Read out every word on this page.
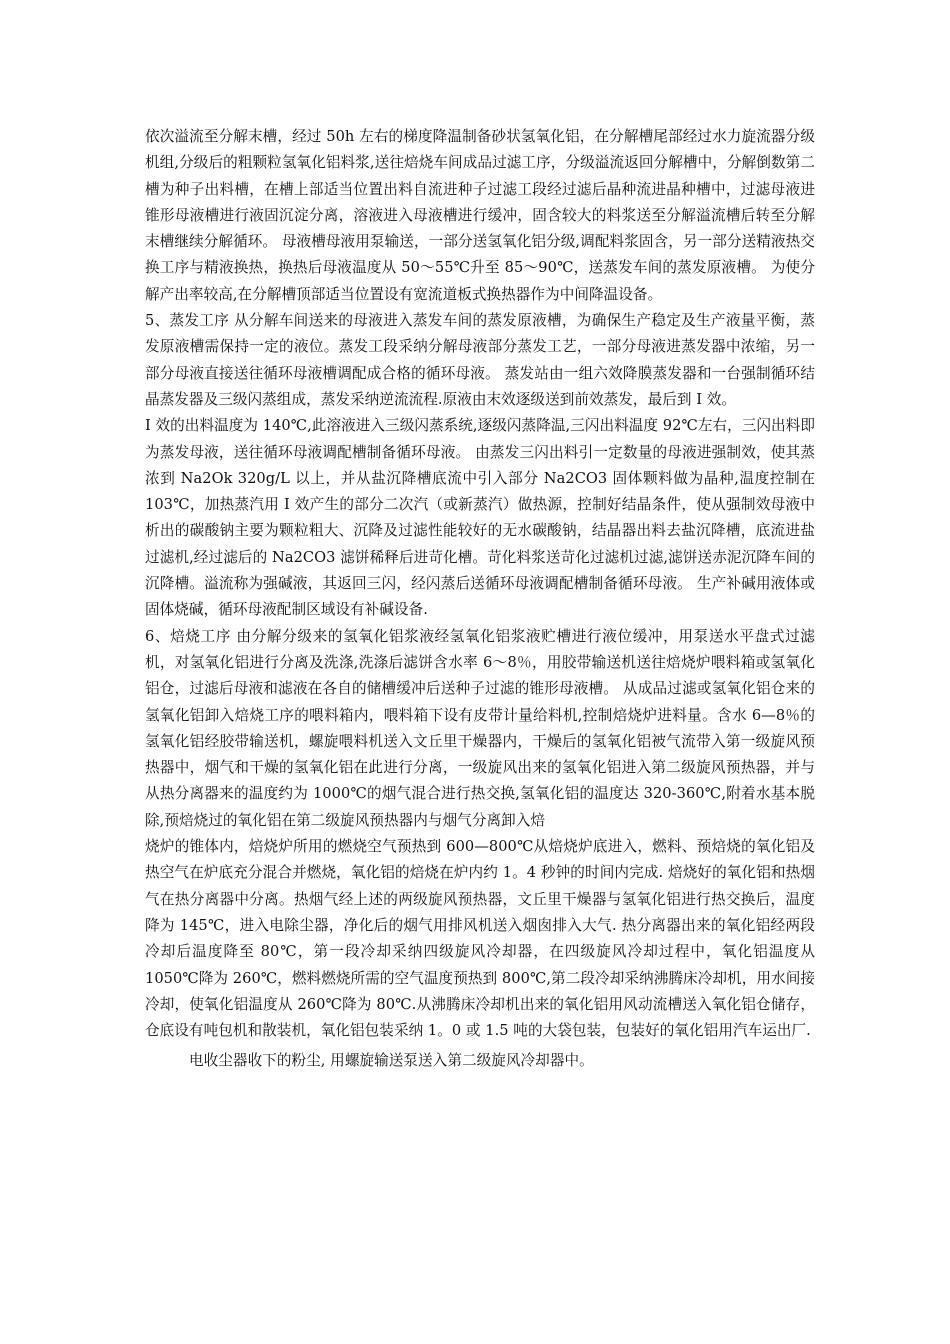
依次溢流至分解末槽，经过 50h 左右的梯度降温制备砂状氢氧化铝，在分解槽尾部经过水力旋流器分级机组,分级后的粗颗粒氢氧化铝料浆,送往焙烧车间成品过滤工序，分级溢流返回分解槽中，分解倒数第二槽为种子出料槽，在槽上部适当位置出料自流进种子过滤工段经过滤后晶种流进晶种槽中，过滤母液进锥形母液槽进行液固沉淀分离，溶液进入母液槽进行缓冲，固含较大的料浆送至分解溢流槽后转至分解末槽继续分解循环。 母液槽母液用泵输送，一部分送氢氧化铝分级,调配料浆固含，另一部分送精液热交换工序与精液换热，换热后母液温度从 50～55℃升至 85～90℃，送蒸发车间的蒸发原液槽。 为使分解产出率较高,在分解槽顶部适当位置设有宽流道板式换热器作为中间降温设备。

5、蒸发工序 从分解车间送来的母液进入蒸发车间的蒸发原液槽，为确保生产稳定及生产液量平衡，蒸发原液槽需保持一定的液位。蒸发工段采纳分解母液部分蒸发工艺，一部分母液进蒸发器中浓缩，另一部分母液直接送往循环母液槽调配成合格的循环母液。 蒸发站由一组六效降膜蒸发器和一台强制循环结晶蒸发器及三级闪蒸组成，蒸发采纳逆流流程.原液由末效逐级送到前效蒸发，最后到 I 效。

I 效的出料温度为 140℃,此溶液进入三级闪蒸系统,逐级闪蒸降温,三闪出料温度 92℃左右，三闪出料即为蒸发母液，送往循环母液调配槽制备循环母液。 由蒸发三闪出料引一定数量的母液进强制效，使其蒸浓到 Na2Ok 320g/L 以上，并从盐沉降槽底流中引入部分 Na2CO3 固体颗料做为晶种,温度控制在 103℃，加热蒸汽用 I 效产生的部分二次汽（或新蒸汽）做热源，控制好结晶条件，使从强制效母液中析出的碳酸钠主要为颗粒粗大、沉降及过滤性能较好的无水碳酸钠，结晶器出料去盐沉降槽，底流进盐过滤机,经过滤后的 Na2CO3 滤饼稀释后进苛化槽。苛化料浆送苛化过滤机过滤,滤饼送赤泥沉降车间的沉降槽。溢流称为强碱液，其返回三闪，经闪蒸后送循环母液调配槽制备循环母液。 生产补碱用液体或固体烧碱，循环母液配制区域设有补碱设备.

6、焙烧工序 由分解分级来的氢氧化铝浆液经氢氧化铝浆液贮槽进行液位缓冲，用泵送水平盘式过滤机，对氢氧化铝进行分离及洗涤,洗涤后滤饼含水率 6～8％，用胶带输送机送往焙烧炉喂料箱或氢氧化铝仓，过滤后母液和滤液在各自的储槽缓冲后送种子过滤的锥形母液槽。 从成品过滤或氢氧化铝仓来的氢氧化铝卸入焙烧工序的喂料箱内，喂料箱下设有皮带计量给料机,控制焙烧炉进料量。含水 6—8％的氢氧化铝经胶带输送机，螺旋喂料机送入文丘里干燥器内，干燥后的氢氧化铝被气流带入第一级旋风预热器中，烟气和干燥的氢氧化铝在此进行分离，一级旋风出来的氢氧化铝进入第二级旋风预热器，并与从热分离器来的温度约为 1000℃的烟气混合进行热交换,氢氧化铝的温度达 320-360℃,附着水基本脱除,预焙烧过的氧化铝在第二级旋风预热器内与烟气分离卸入焙

烧炉的锥体内，焙烧炉所用的燃烧空气预热到 600—800℃从焙烧炉底进入，燃料、预焙烧的氧化铝及热空气在炉底充分混合并燃烧，氧化铝的焙烧在炉内约 1。4 秒钟的时间内完成. 焙烧好的氧化铝和热烟气在热分离器中分离。热烟气经上述的两级旋风预热器，文丘里干燥器与氢氧化铝进行热交换后，温度降为 145℃，进入电除尘器，净化后的烟气用排风机送入烟囱排入大气. 热分离器出来的氧化铝经两段冷却后温度降至 80℃，第一段冷却采纳四级旋风冷却器，在四级旋风冷却过程中，氧化铝温度从 1050℃降为 260℃，燃料燃烧所需的空气温度预热到 800℃,第二段冷却采纳沸腾床冷却机，用水间接冷却，使氧化铝温度从 260℃降为 80℃.从沸腾床冷却机出来的氧化铝用风动流槽送入氧化铝仓储存，仓底设有吨包机和散装机，氧化铝包装采纳 1。0 或 1.5 吨的大袋包装，包装好的氧化铝用汽车运出厂.

电收尘器收下的粉尘, 用螺旋输送泵送入第二级旋风冷却器中。
